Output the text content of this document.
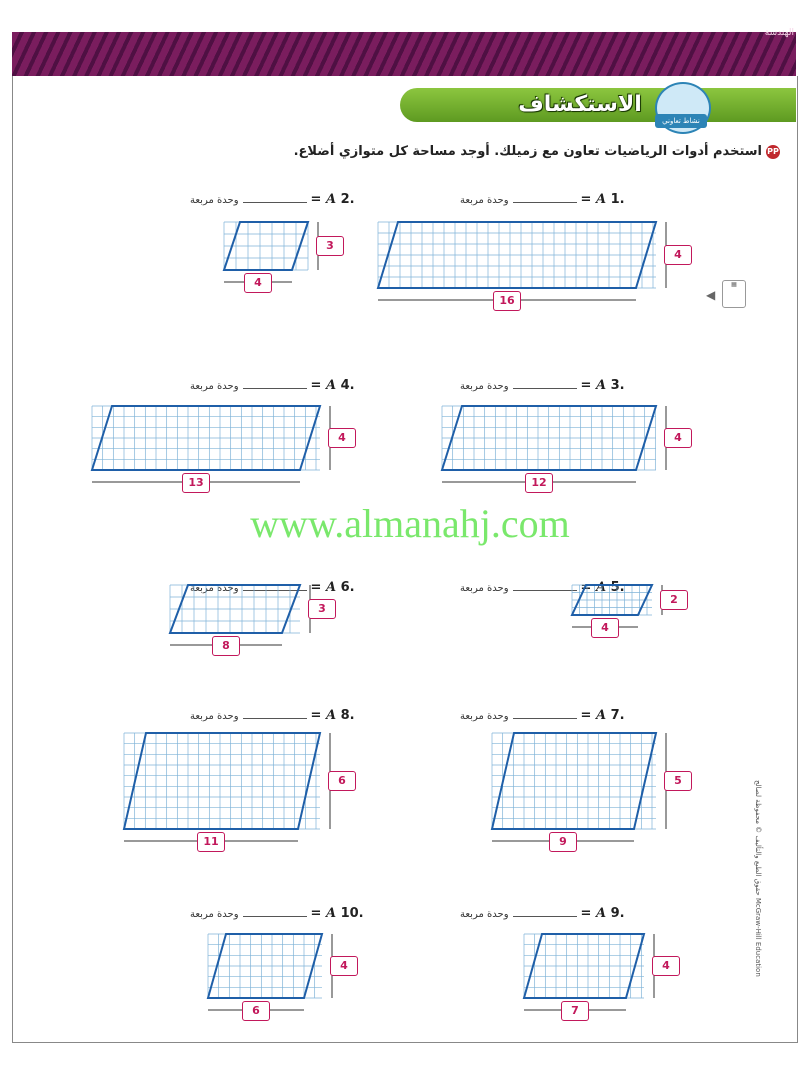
الهندسة
الاستكشاف
نشاط تعاوني
PPاستخدم أدوات الرياضيات تعاون مع زميلك. أوجد مساحة كل متوازي أضلاع.
◀
▦
وحدة مربعة	= A 1.
4
16
وحدة مربعة	= A 2.
3
4
وحدة مربعة	= A 3.
4
12
وحدة مربعة	= A 4.
4
13
وحدة مربعة	= A 5.
2
4
وحدة مربعة	= A 6.
3
8
وحدة مربعة	= A 7.
5
9
وحدة مربعة	= A 8.
6
11
وحدة مربعة	= A 9.
4
7
وحدة مربعة	= A 10.
4
6
www.almanahj.com
حقوق الطبع والتأليف © محفوظة لصالح McGraw-Hill Education
